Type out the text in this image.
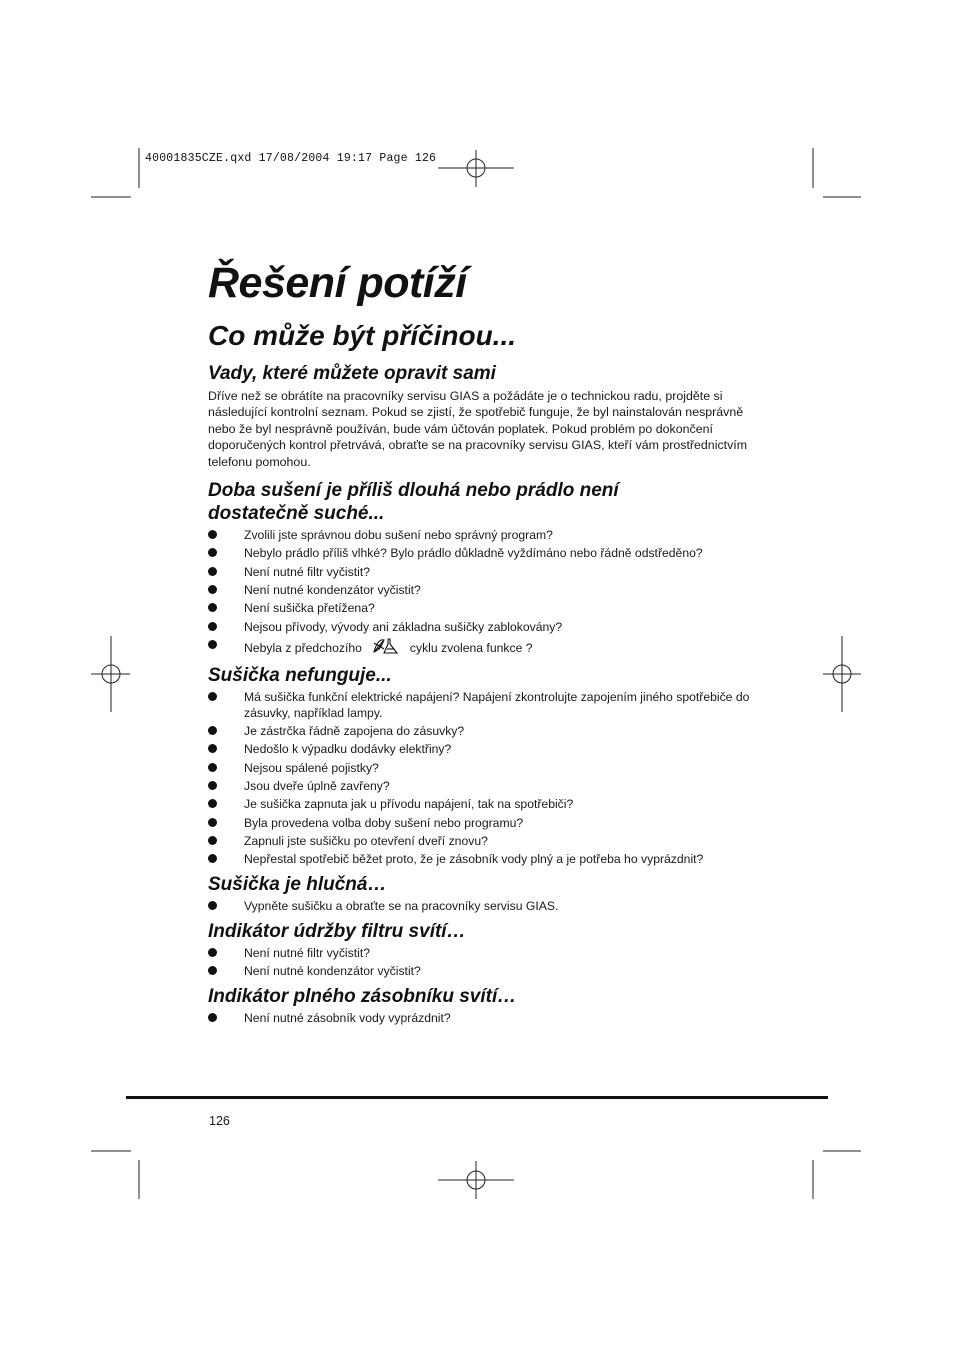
40001835CZE.qxd 17/08/2004 19:17 Page 126
Řešení potíží
Co může být příčinou...
Vady, které můžete opravit sami

Dříve než se obrátíte na pracovníky servisu GIAS a požádáte je o technickou radu, projděte si následující kontrolní seznam. Pokud se zjistí, že spotřebič funguje, že byl nainstalován nesprávně nebo že byl nesprávně používán, bude vám účtován poplatek. Pokud problém po dokončení doporučených kontrol přetrvává, obraťte se na pracovníky servisu GIAS, kteří vám prostřednictvím telefonu pomohou.

Doba sušení je příliš dlouhá nebo prádlo není dostatečně suché...
Zvolili jste správnou dobu sušení nebo správný program?
Nebylo prádlo příliš vlhké? Bylo prádlo důkladně vyždímáno nebo řádně odstředěno?
Není nutné filtr vyčistit?
Není nutné kondenzátor vyčistit?
Není sušička přetížena?
Nejsou přívody, vývody ani základna sušičky zablokovány?
Nebyla z předchozího	cyklu zvolena funkce ?
Sušička nefunguje...
Má sušička funkční elektrické napájení? Napájení zkontrolujte zapojením jiného spotřebiče do zásuvky, například lampy.
Je zástrčka řádně zapojena do zásuvky?
Nedošlo k výpadku dodávky elektřiny?
Nejsou spálené pojistky?
Jsou dveře úplně zavřeny?
Je sušička zapnuta jak u přívodu napájení, tak na spotřebiči?
Byla provedena volba doby sušení nebo programu?
Zapnuli jste sušičku po otevření dveří znovu?
Nepřestal spotřebič běžet proto, že je zásobník vody plný a je potřeba ho vyprázdnit?
Sušička je hlučná…
Vypněte sušičku a obraťte se na pracovníky servisu GIAS.
Indikátor údržby filtru svítí…
Není nutné filtr vyčistit?
Není nutné kondenzátor vyčistit?
Indikátor plného zásobníku svítí…
Není nutné zásobník vody vyprázdnit?
126
